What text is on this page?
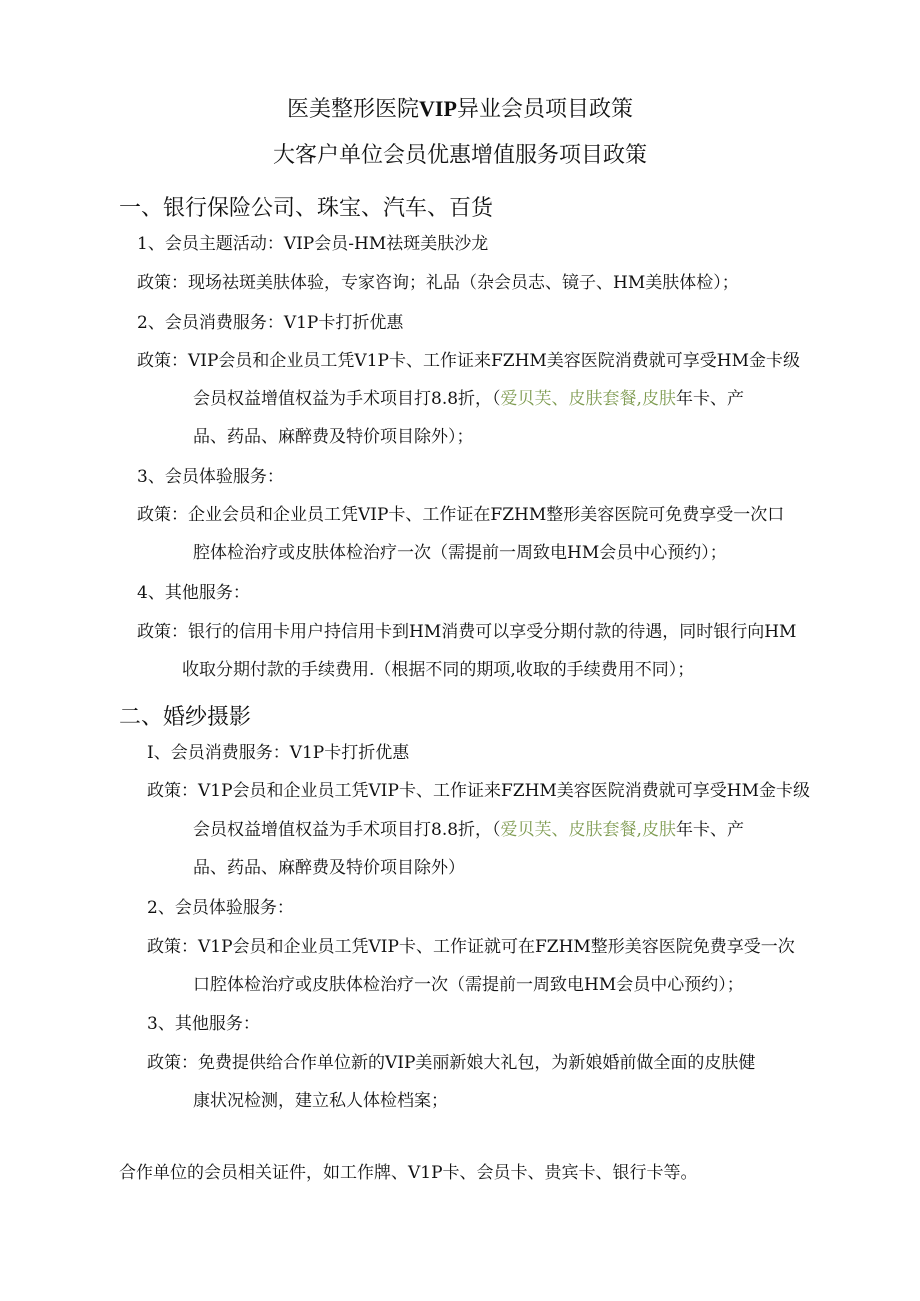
医美整形医院VIP异业会员项目政策
大客户单位会员优惠增值服务项目政策
一、银行保险公司、珠宝、汽车、百货
1、会员主题活动：VIP会员-HM祛斑美肤沙龙
政策：现场祛斑美肤体验，专家咨询；礼品（杂会员志、镜子、HM美肤体检）；
2、会员消费服务：V1P卡打折优惠
政策：VIP会员和企业员工凭V1P卡、工作证来FZHM美容医院消费就可享受HM金卡级
会员权益增值权益为手术项目打8.8折，（爱贝芙、皮肤套餐,皮肤年卡、产
品、药品、麻醉费及特价项目除外）；
3、会员体验服务：
政策：企业会员和企业员工凭VIP卡、工作证在FZHM整形美容医院可免费享受一次口
腔体检治疗或皮肤体检治疗一次（需提前一周致电HM会员中心预约）；
4、其他服务：
政策：银行的信用卡用户持信用卡到HM消费可以享受分期付款的待遇，同时银行向HM
收取分期付款的手续费用.（根据不同的期项,收取的手续费用不同）；
二、婚纱摄影
I、会员消费服务：V1P卡打折优惠
政策：V1P会员和企业员工凭VIP卡、工作证来FZHM美容医院消费就可享受HM金卡级
会员权益增值权益为手术项目打8.8折，（爱贝芙、皮肤套餐,皮肤年卡、产
品、药品、麻醉费及特价项目除外）
2、会员体验服务：
政策：V1P会员和企业员工凭VIP卡、工作证就可在FZHM整形美容医院免费享受一次
口腔体检治疗或皮肤体检治疗一次（需提前一周致电HM会员中心预约）；
3、其他服务：
政策：免费提供给合作单位新的VIP美丽新娘大礼包，为新娘婚前做全面的皮肤健
康状况检测，建立私人体检档案；
合作单位的会员相关证件，如工作牌、V1P卡、会员卡、贵宾卡、银行卡等。
